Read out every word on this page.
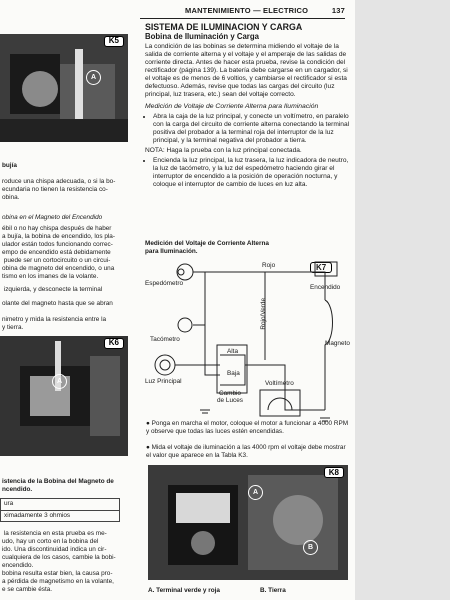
MANTENIMIENTO — ELECTRICO	137
K5
A
bujía
roduce una chispa adecuada, o si la bo-
ecundaria no tienen la resistencia co-
obina.
obina en el Magneto del Encendido
ébil o no hay chispa después de haber
a bujía, la bobina de encendido, los pla-
ulador están todos funcionando correc-
empo de encendido está debidamente
puede ser un cortocircuito o un circui-
obina de magneto del encendido, o una
tismo en los imanes de la volante.
izquierda, y desconecte la terminal
olante del magneto hasta que se abran
nimetro y mida la resistencia entre la
y tierra.
K6
A
istencia de la Bobina del Magneto de
ncendido.
ura
ximadamente 3 ohmios
la resistencia en esta prueba es me-
udo, hay un corto en la bobina del
ido. Una discontinuidad indica un cir-
cualquiera de los casos, cambie la bobi-
encendido.
bobina resulta estar bien, la causa pro-
a pérdida de magnetismo en la volante,
e se cambie ésta.
SISTEMA DE ILUMINACION Y CARGA
Bobina de Iluminación y Carga

La condición de las bobinas se determina midiendo el voltaje de la salida de corriente alterna y el voltaje y el amperaje de las salidas de corriente directa. Antes de hacer esta prueba, revise la condición del rectificador (página 139). La batería debe cargarse en un cargador, si el voltaje es de menos de 6 voltios, y cambiarse el rectificador si esta defectuoso. Además, revise que todas las cargas del circuito (luz principal, luz trasera, etc.) sean del voltaje correcto.

Medición de Voltaje de Corriente Alterna para Iluminación
• Abra la caja de la luz principal, y conecte un voltímetro, en paralelo con la carga del circuito de corriente alterna conectando la terminal positiva del probador a la terminal roja del interruptor de la luz principal, y la terminal negativa del probador a tierra.

NOTA: Haga la prueba con la luz principal conectada.

• Encienda la luz principal, la luz trasera, la luz indicadora de neutro, la luz de tacómetro, y la luz del espedómetro haciendo girar el interruptor de encendido a la posición de operación nocturna, y coloque el interruptor de cambio de luces en luz alta.
Medición del Voltaje de Corriente Alterna
para Iluminación.
K7
Rojo
Espedómetro
Encendido
Rojo/Verde
Magneto
Tacómetro
Alta
Baja
Voltímetro
Luz Principal
Cambio
de Luces
● Ponga en marcha el motor, coloque el motor a funcionar a 4000 RPM y observe que todas las luces estén encendidas.
● Mida el voltaje de iluminación a las 4000 rpm el voltaje debe mostrar el valor que aparece en la Tabla K3.
K8
A
B
A. Terminal verde y roja	B. Tierra
